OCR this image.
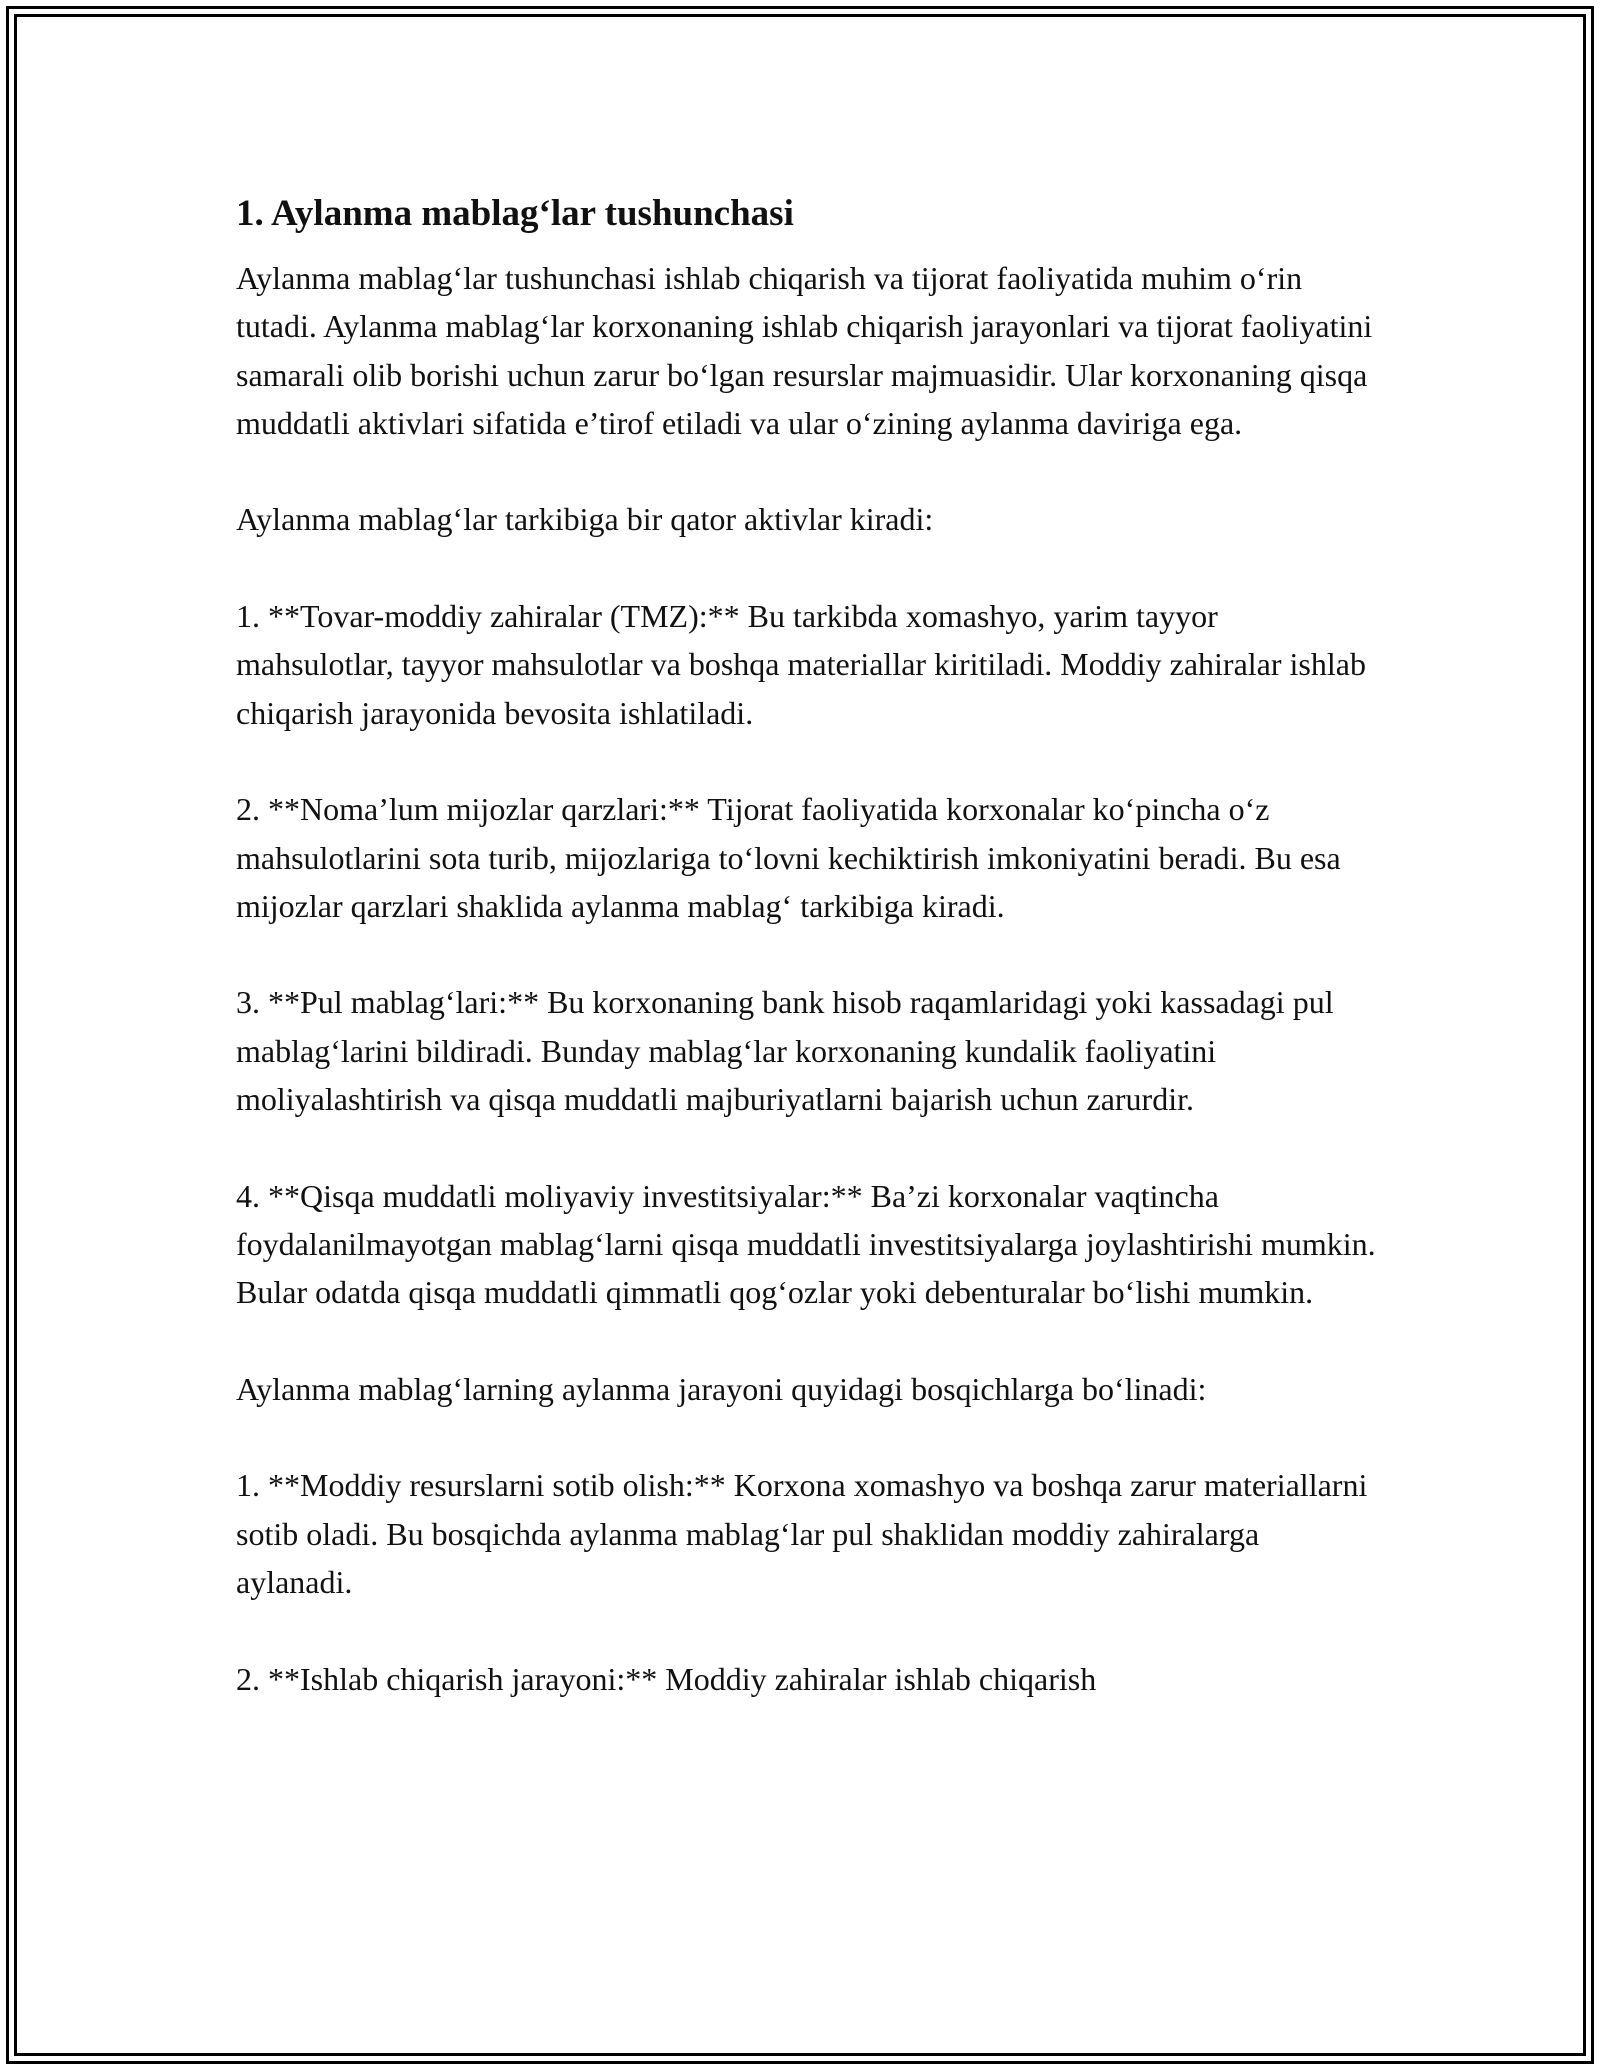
1. Aylanma mablag‘lar tushunchasi

Aylanma mablag‘lar tushunchasi ishlab chiqarish va tijorat faoliyatida muhim o‘rin tutadi. Aylanma mablag‘lar korxonaning ishlab chiqarish jarayonlari va tijorat faoliyatini samarali olib borishi uchun zarur bo‘lgan resurslar majmuasidir. Ular korxonaning qisqa muddatli aktivlari sifatida e’tirof etiladi va ular o‘zining aylanma daviriga ega.

Aylanma mablag‘lar tarkibiga bir qator aktivlar kiradi:

1. **Tovar-moddiy zahiralar (TMZ):** Bu tarkibda xomashyo, yarim tayyor mahsulotlar, tayyor mahsulotlar va boshqa materiallar kiritiladi. Moddiy zahiralar ishlab chiqarish jarayonida bevosita ishlatiladi.

2. **Noma’lum mijozlar qarzlari:** Tijorat faoliyatida korxonalar ko‘pincha o‘z mahsulotlarini sota turib, mijozlariga to‘lovni kechiktirish imkoniyatini beradi. Bu esa mijozlar qarzlari shaklida aylanma mablag‘ tarkibiga kiradi.

3. **Pul mablag‘lari:** Bu korxonaning bank hisob raqamlaridagi yoki kassadagi pul mablag‘larini bildiradi. Bunday mablag‘lar korxonaning kundalik faoliyatini moliyalashtirish va qisqa muddatli majburiyatlarni bajarish uchun zarurdir.

4. **Qisqa muddatli moliyaviy investitsiyalar:** Ba’zi korxonalar vaqtincha foydalanilmayotgan mablag‘larni qisqa muddatli investitsiyalarga joylashtirishi mumkin. Bular odatda qisqa muddatli qimmatli qog‘ozlar yoki debenturalar bo‘lishi mumkin.

Aylanma mablag‘larning aylanma jarayoni quyidagi bosqichlarga bo‘linadi:

1. **Moddiy resurslarni sotib olish:** Korxona xomashyo va boshqa zarur materiallarni sotib oladi. Bu bosqichda aylanma mablag‘lar pul shaklidan moddiy zahiralarga aylanadi.

2. **Ishlab chiqarish jarayoni:** Moddiy zahiralar ishlab chiqarish
